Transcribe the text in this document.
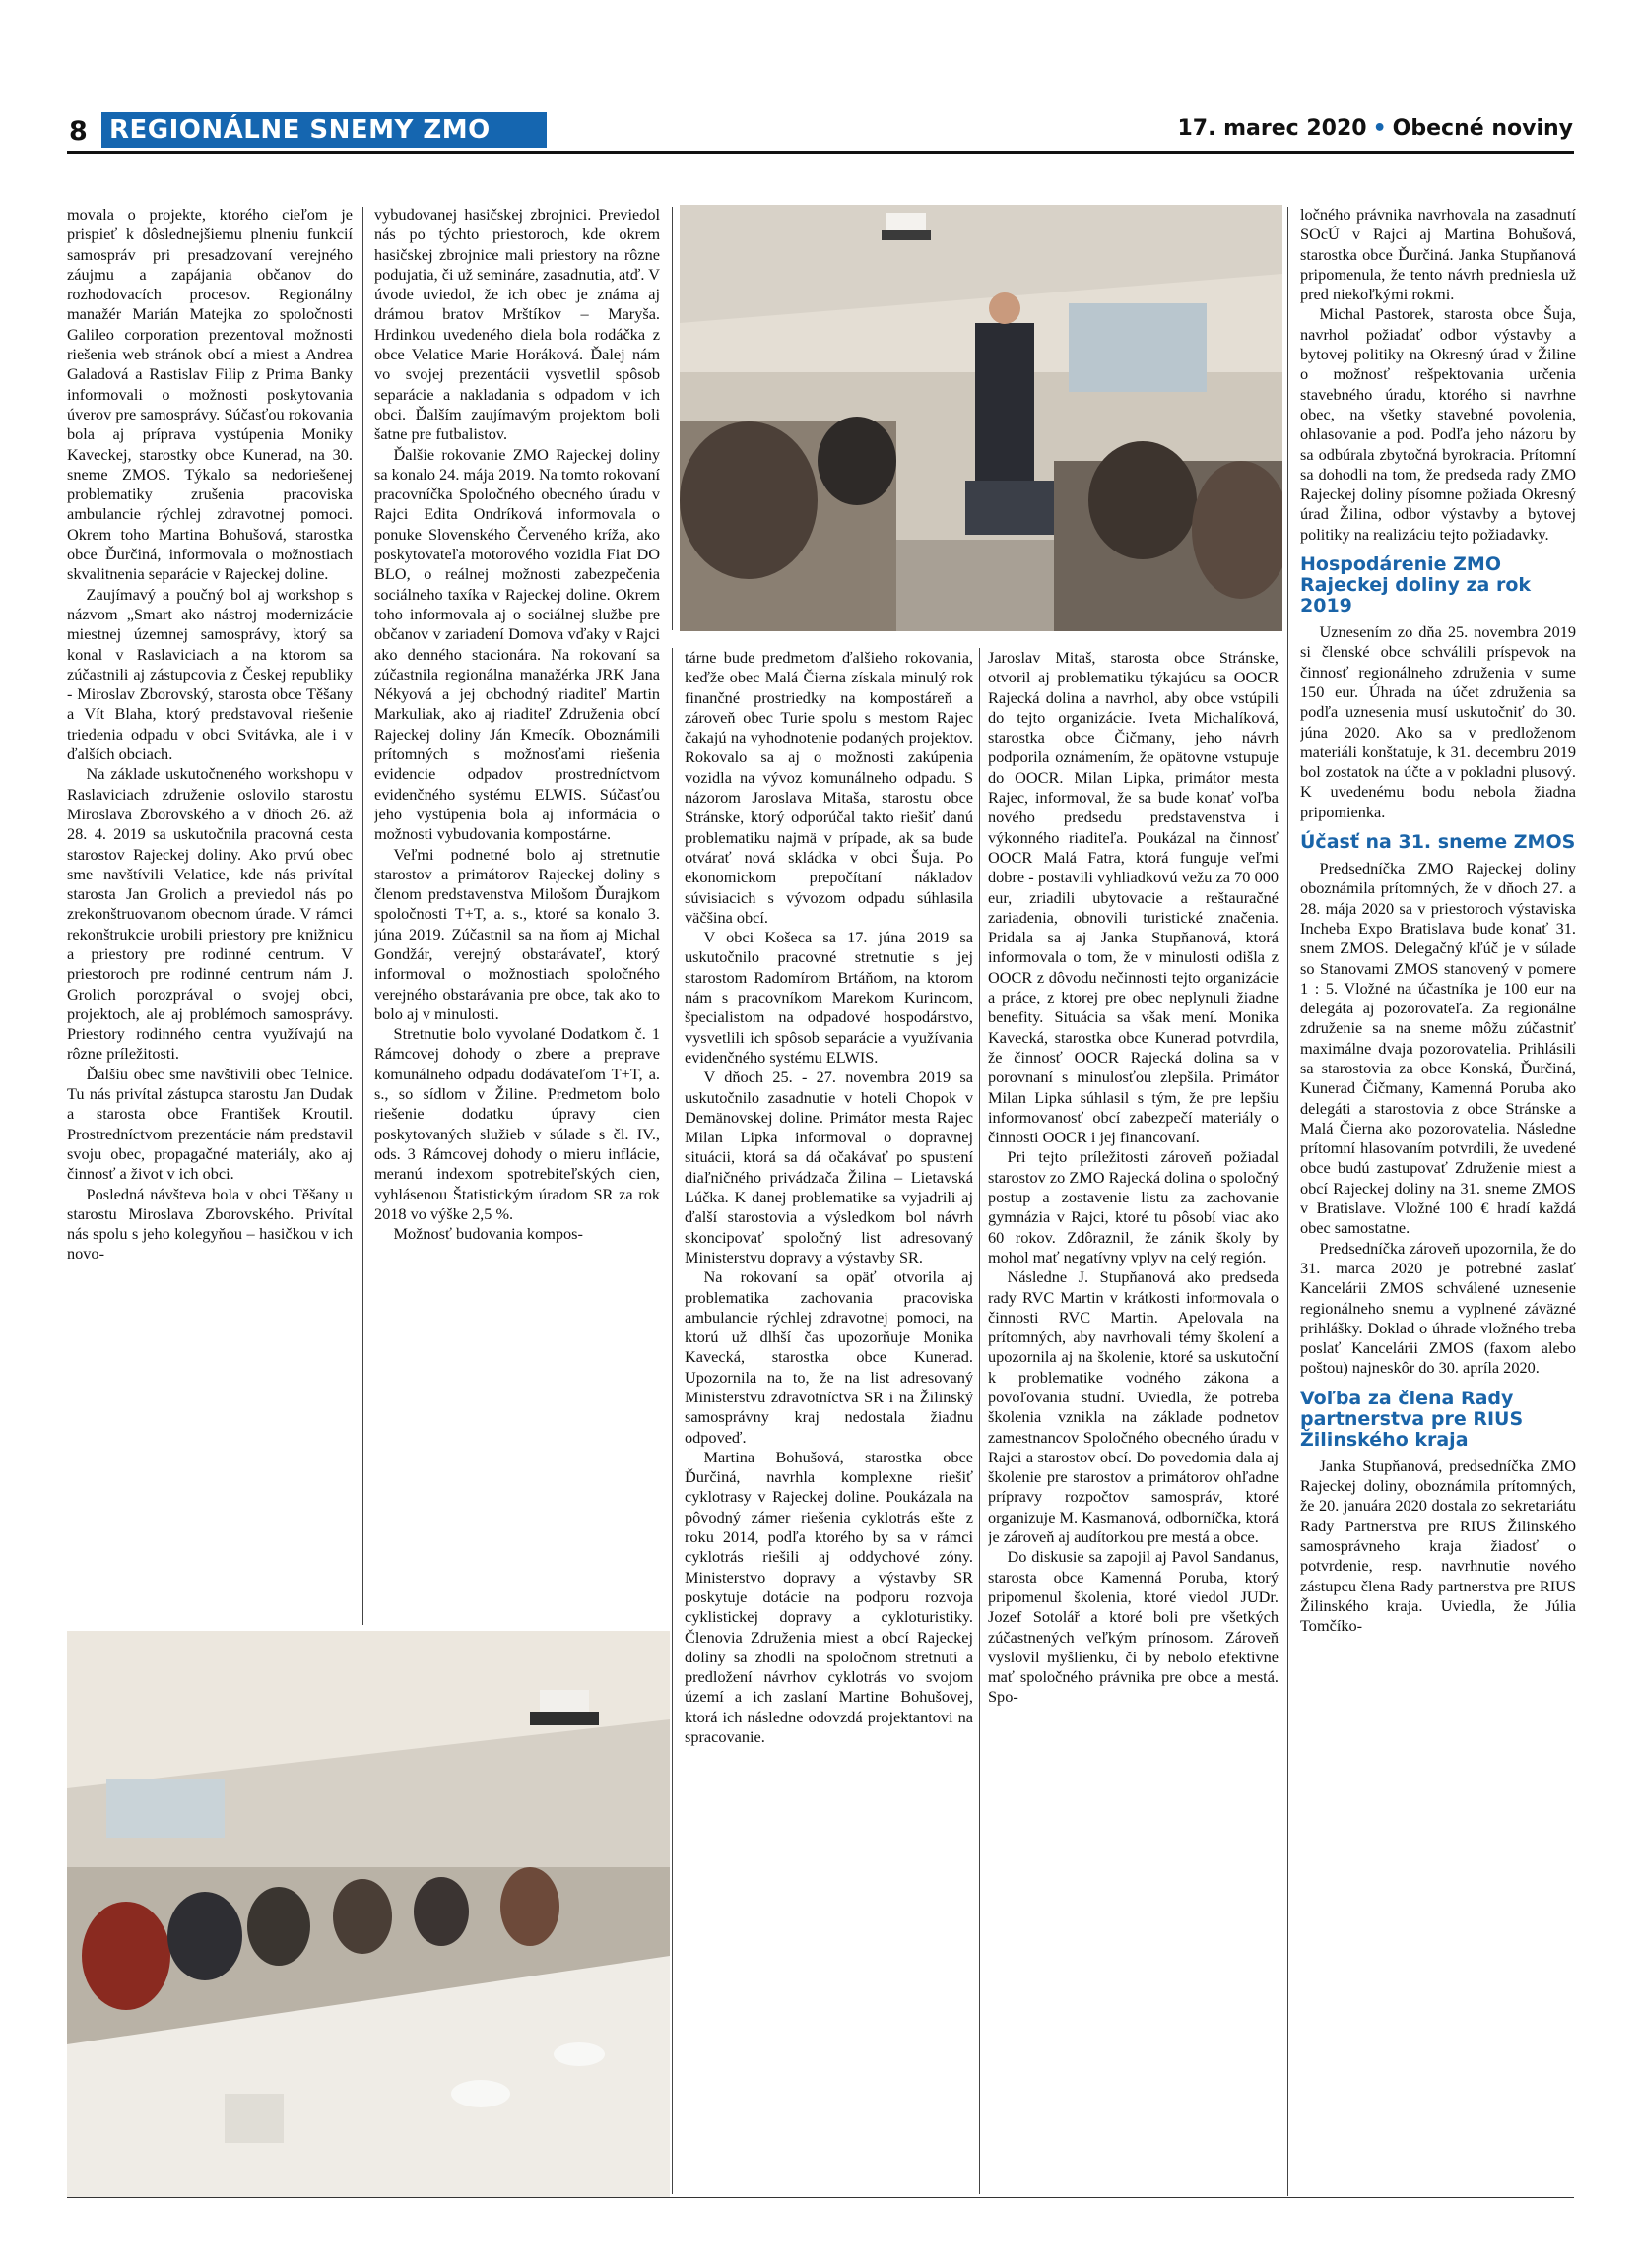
8 REGIONÁLNE SNEMY ZMO	17. marec 2020 • Obecné noviny

movala o projekte, ktorého cieľom je prispieť k dôslednejšiemu plneniu funkcií samospráv pri presadzovaní verejného záujmu a zapájania občanov do rozhodovacích procesov. Regionálny manažér Marián Matejka zo spoločnosti Galileo corporation prezentoval možnosti riešenia web stránok obcí a miest a Andrea Galadová a Rastislav Filip z Prima Banky informovali o možnosti poskytovania úverov pre samosprávy. Súčasťou rokovania bola aj príprava vystúpenia Moniky Kaveckej, starostky obce Kunerad, na 30. sneme ZMOS. Týkalo sa nedoriešenej problematiky zrušenia pracoviska ambulancie rýchlej zdravotnej pomoci. Okrem toho Martina Bohušová, starostka obce Ďurčiná, informovala o možnostiach skvalitnenia separácie v Rajeckej doline.

Zaujímavý a poučný bol aj workshop s názvom „Smart ako nástroj modernizácie miestnej územnej samosprávy, ktorý sa konal v Raslaviciach a na ktorom sa zúčastnili aj zástupcovia z Českej republiky - Miroslav Zborovský, starosta obce Těšany a Vít Blaha, ktorý predstavoval riešenie triedenia odpadu v obci Svitávka, ale i v ďalších obciach.

Na základe uskutočneného workshopu v Raslaviciach združenie oslovilo starostu Miroslava Zborovského a v dňoch 26. až 28. 4. 2019 sa uskutočnila pracovná cesta starostov Rajeckej doliny. Ako prvú obec sme navštívili Velatice, kde nás privítal starosta Jan Grolich a previedol nás po zrekonštruovanom obecnom úrade. V rámci rekonštrukcie urobili priestory pre knižnicu a priestory pre rodinné centrum. V priestoroch pre rodinné centrum nám J. Grolich porozprával o svojej obci, projektoch, ale aj problémoch samosprávy. Priestory rodinného centra využívajú na rôzne príležitosti.

Ďalšiu obec sme navštívili obec Telnice. Tu nás privítal zástupca starostu Jan Dudak a starosta obce František Kroutil. Prostredníctvom prezentácie nám predstavil svoju obec, propagačné materiály, ako aj činnosť a život v ich obci.

Posledná návšteva bola v obci Těšany u starostu Miroslava Zborovského. Privítal nás spolu s jeho kolegyňou – hasičkou v ich novo-

vybudovanej hasičskej zbrojnici. Previedol nás po týchto priestoroch, kde okrem hasičskej zbrojnice mali priestory na rôzne podujatia, či už semináre, zasadnutia, atď. V úvode uviedol, že ich obec je známa aj drámou bratov Mrštíkov – Maryša. Hrdinkou uvedeného diela bola rodáčka z obce Velatice Marie Horáková. Ďalej nám vo svojej prezentácii vysvetlil spôsob separácie a nakladania s odpadom v ich obci. Ďalším zaujímavým projektom boli šatne pre futbalistov.

Ďalšie rokovanie ZMO Rajeckej doliny sa konalo 24. mája 2019. Na tomto rokovaní pracovníčka Spoločného obecného úradu v Rajci Edita Ondríková informovala o ponuke Slovenského Červeného kríža, ako poskytovateľa motorového vozidla Fiat DO BLO, o reálnej možnosti zabezpečenia sociálneho taxíka v Rajeckej doline. Okrem toho informovala aj o sociálnej službe pre občanov v zariadení Domova vďaky v Rajci ako denného stacionára. Na rokovaní sa zúčastnila regionálna manažérka JRK Jana Nékyová a jej obchodný riaditeľ Martin Markuliak, ako aj riaditeľ Združenia obcí Rajeckej doliny Ján Kmecík. Oboznámili prítomných s možnosťami riešenia evidencie odpadov prostredníctvom evidenčného systému ELWIS. Súčasťou jeho vystúpenia bola aj informácia o možnosti vybudovania kompostárne.

Veľmi podnetné bolo aj stretnutie starostov a primátorov Rajeckej doliny s členom predstavenstva Milošom Ďurajkom spoločnosti T+T, a. s., ktoré sa konalo 3. júna 2019. Zúčastnil sa na ňom aj Michal Gondžár, verejný obstarávateľ, ktorý informoval o možnostiach spoločného verejného obstarávania pre obce, tak ako to bolo aj v minulosti.

Stretnutie bolo vyvolané Dodatkom č. 1 Rámcovej dohody o zbere a preprave komunálneho odpadu dodávateľom T+T, a. s., so sídlom v Žiline. Predmetom bolo riešenie dodatku úpravy cien poskytovaných služieb v súlade s čl. IV., ods. 3 Rámcovej dohody o mieru inflácie, meranú indexom spotrebiteľských cien, vyhlásenou Štatistickým úradom SR za rok 2018 vo výške 2,5 %.

Možnosť budovania kompos-

tárne bude predmetom ďalšieho rokovania, keďže obec Malá Čierna získala minulý rok finančné prostriedky na kompostáreň a zároveň obec Turie spolu s mestom Rajec čakajú na vyhodnotenie podaných projektov. Rokovalo sa aj o možnosti zakúpenia vozidla na vývoz komunálneho odpadu. S názorom Jaroslava Mitaša, starostu obce Stránske, ktorý odporúčal takto riešiť danú problematiku najmä v prípade, ak sa bude otvárať nová skládka v obci Šuja. Po ekonomickom prepočítaní nákladov súvisiacich s vývozom odpadu súhlasila väčšina obcí.

V obci Košeca sa 17. júna 2019 sa uskutočnilo pracovné stretnutie s jej starostom Radomírom Brtáňom, na ktorom nám s pracovníkom Marekom Kurincom, špecialistom na odpadové hospodárstvo, vysvetlili ich spôsob separácie a využívania evidenčného systému ELWIS.

V dňoch 25. - 27. novembra 2019 sa uskutočnilo zasadnutie v hoteli Chopok v Demänovskej doline. Primátor mesta Rajec Milan Lipka informoval o dopravnej situácii, ktorá sa dá očakávať po spustení diaľničného privádzača Žilina – Lietavská Lúčka. K danej problematike sa vyjadrili aj ďalší starostovia a výsledkom bol návrh skoncipovať spoločný list adresovaný Ministerstvu dopravy a výstavby SR.

Na rokovaní sa opäť otvorila aj problematika zachovania pracoviska ambulancie rýchlej zdravotnej pomoci, na ktorú už dlhší čas upozorňuje Monika Kavecká, starostka obce Kunerad. Upozornila na to, že na list adresovaný Ministerstvu zdravotníctva SR i na Žilinský samosprávny kraj nedostala žiadnu odpoveď.

Martina Bohušová, starostka obce Ďurčiná, navrhla komplexne riešiť cyklotrasy v Rajeckej doline. Poukázala na pôvodný zámer riešenia cyklotrás ešte z roku 2014, podľa ktorého by sa v rámci cyklotrás riešili aj oddychové zóny. Ministerstvo dopravy a výstavby SR poskytuje dotácie na podporu rozvoja cyklistickej dopravy a cykloturistiky. Členovia Združenia miest a obcí Rajeckej doliny sa zhodli na spoločnom stretnutí a predložení návrhov cyklotrás vo svojom území a ich zaslaní Martine Bohušovej, ktorá ich následne odovzdá projektantovi na spracovanie.

Jaroslav Mitaš, starosta obce Stránske, otvoril aj problematiku týkajúcu sa OOCR Rajecká dolina a navrhol, aby obce vstúpili do tejto organizácie. Iveta Michalíková, starostka obce Čičmany, jeho návrh podporila oznámením, že opätovne vstupuje do OOCR. Milan Lipka, primátor mesta Rajec, informoval, že sa bude konať voľba nového predsedu predstavenstva i výkonného riaditeľa. Poukázal na činnosť OOCR Malá Fatra, ktorá funguje veľmi dobre - postavili vyhliadkovú vežu za 70 000 eur, zriadili ubytovacie a reštauračné zariadenia, obnovili turistické značenia. Pridala sa aj Janka Stupňanová, ktorá informovala o tom, že v minulosti odišla z OOCR z dôvodu nečinnosti tejto organizácie a práce, z ktorej pre obec neplynuli žiadne benefity. Situácia sa však mení. Monika Kavecká, starostka obce Kunerad potvrdila, že činnosť OOCR Rajecká dolina sa v porovnaní s minulosťou zlepšila. Primátor Milan Lipka súhlasil s tým, že pre lepšiu informovanosť obcí zabezpečí materiály o činnosti OOCR i jej financovaní.

Pri tejto príležitosti zároveň požiadal starostov zo ZMO Rajecká dolina o spoločný postup a zostavenie listu za zachovanie gymnázia v Rajci, ktoré tu pôsobí viac ako 60 rokov. Zdôraznil, že zánik školy by mohol mať negatívny vplyv na celý región.

Následne J. Stupňanová ako predseda rady RVC Martin v krátkosti informovala o činnosti RVC Martin. Apelovala na prítomných, aby navrhovali témy školení a upozornila aj na školenie, ktoré sa uskutoční k problematike vodného zákona a povoľovania studní. Uviedla, že potreba školenia vznikla na základe podnetov zamestnancov Spoločného obecného úradu v Rajci a starostov obcí. Do povedomia dala aj školenie pre starostov a primátorov ohľadne prípravy rozpočtov samospráv, ktoré organizuje M. Kasmanová, odborníčka, ktorá je zároveň aj audítorkou pre mestá a obce.

Do diskusie sa zapojil aj Pavol Sandanus, starosta obce Kamenná Poruba, ktorý pripomenul školenia, ktoré viedol JUDr. Jozef Sotolář a ktoré boli pre všetkých zúčastnených veľkým prínosom. Zároveň vyslovil myšlienku, či by nebolo efektívne mať spoločného právnika pre obce a mestá. Spo-

ločného právnika navrhovala na zasadnutí SOcÚ v Rajci aj Martina Bohušová, starostka obce Ďurčiná. Janka Stupňanová pripomenula, že tento návrh predniesla už pred niekoľkými rokmi.

Michal Pastorek, starosta obce Šuja, navrhol požiadať odbor výstavby a bytovej politiky na Okresný úrad v Žiline o možnosť rešpektovania určenia stavebného úradu, ktorého si navrhne obec, na všetky stavebné povolenia, ohlasovanie a pod. Podľa jeho názoru by sa odbúrala zbytočná byrokracia. Prítomní sa dohodli na tom, že predseda rady ZMO Rajeckej doliny písomne požiada Okresný úrad Žilina, odbor výstavby a bytovej politiky na realizáciu tejto požiadavky.

Hospodárenie ZMO Rajeckej doliny za rok 2019

Uznesením zo dňa 25. novembra 2019 si členské obce schválili príspevok na činnosť regionálneho združenia v sume 150 eur. Úhrada na účet združenia sa podľa uznesenia musí uskutočniť do 30. júna 2020. Ako sa v predloženom materiáli konštatuje, k 31. decembru 2019 bol zostatok na účte a v pokladni plusový. K uvedenému bodu nebola žiadna pripomienka.

Účasť na 31. sneme ZMOS

Predsedníčka ZMO Rajeckej doliny oboznámila prítomných, že v dňoch 27. a 28. mája 2020 sa v priestoroch výstaviska Incheba Expo Bratislava bude konať 31. snem ZMOS. Delegačný kľúč je v súlade so Stanovami ZMOS stanovený v pomere 1 : 5. Vložné na účastníka je 100 eur na delegáta aj pozorovateľa. Za regionálne združenie sa na sneme môžu zúčastniť maximálne dvaja pozorovatelia. Prihlásili sa starostovia za obce Konská, Ďurčiná, Kunerad Čičmany, Kamenná Poruba ako delegáti a starostovia z obce Stránske a Malá Čierna ako pozorovatelia. Následne prítomní hlasovaním potvrdili, že uvedené obce budú zastupovať Združenie miest a obcí Rajeckej doliny na 31. sneme ZMOS v Bratislave. Vložné 100 € hradí každá obec samostatne.

Predsedníčka zároveň upozornila, že do 31. marca 2020 je potrebné zaslať Kancelárii ZMOS schválené uznesenie regionálneho snemu a vyplnené záväzné prihlášky. Doklad o úhrade vložného treba poslať Kancelárii ZMOS (faxom alebo poštou) najneskôr do 30. apríla 2020.

Voľba za člena Rady partnerstva pre RIUS Žilinského kraja

Janka Stupňanová, predsedníčka ZMO Rajeckej doliny, oboznámila prítomných, že 20. januára 2020 dostala zo sekretariátu Rady Partnerstva pre RIUS Žilinského samosprávneho kraja žiadosť o potvrdenie, resp. navrhnutie nového zástupcu člena Rady partnerstva pre RIUS Žilinského kraja. Uviedla, že Júlia Tomčíko-
